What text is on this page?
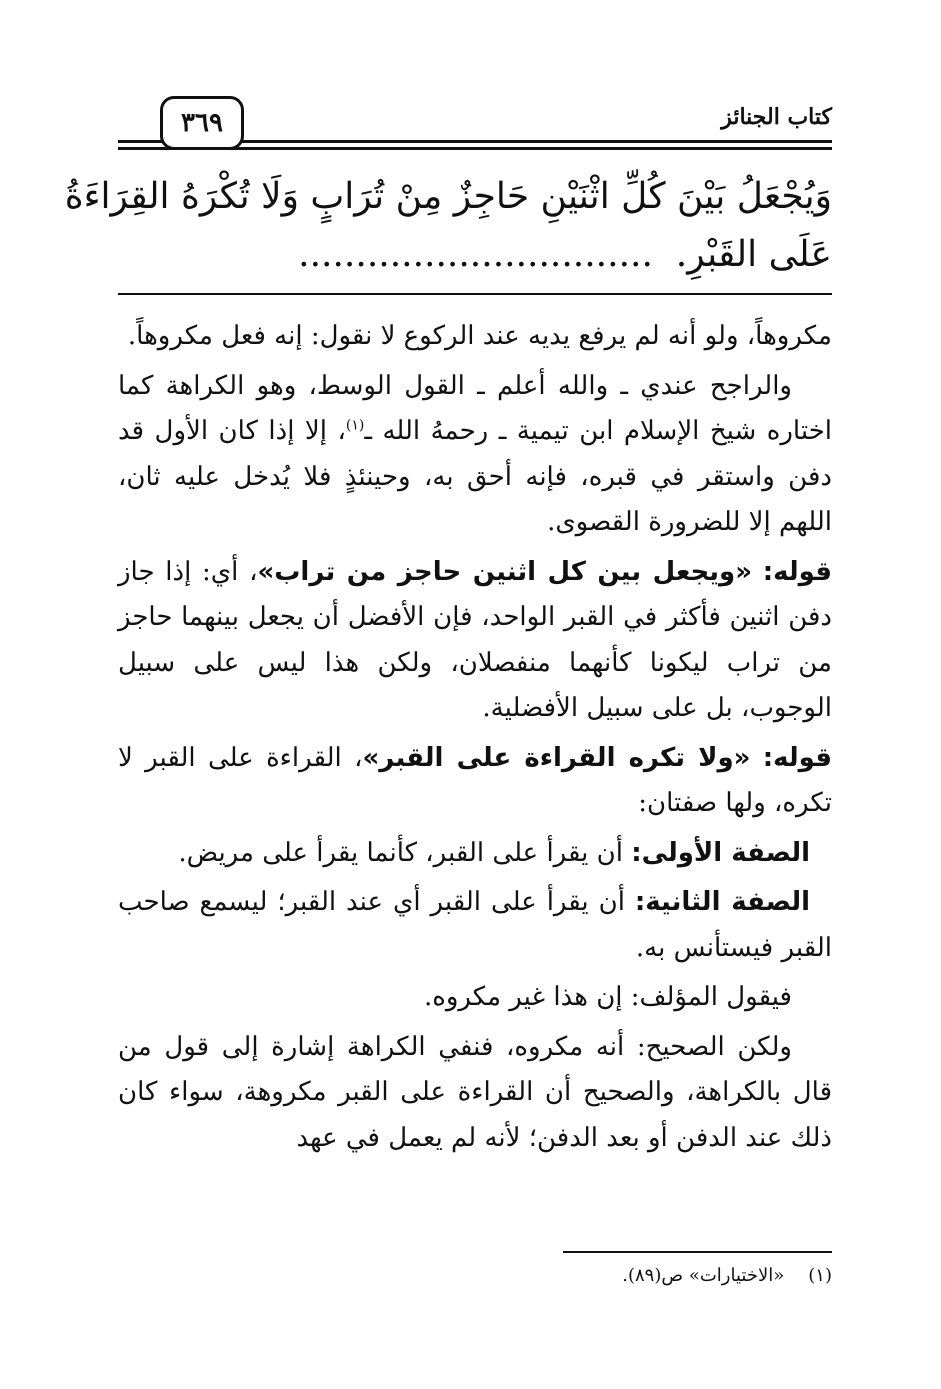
كتاب الجنائز
٣٦٩
وَيُجْعَلُ بَيْنَ كُلِّ اثْنَيْنِ حَاجِزٌ مِنْ تُرَابٍ وَلَا تُكْرَهُ القِرَاءَةُ
عَلَى القَبْرِ.  ...............................

مكروهاً، ولو أنه لم يرفع يديه عند الركوع لا نقول: إنه فعل مكروهاً.

والراجح عندي ـ والله أعلم ـ القول الوسط، وهو الكراهة كما اختاره شيخ الإسلام ابن تيمية ـ رحمهُ الله ـ$^{(١)}$، إلا إذا كان الأول قد دفن واستقر في قبره، فإنه أحق به، وحينئذٍ فلا يُدخل عليه ثان، اللهم إلا للضرورة القصوى.

قوله: «ويجعل بين كل اثنين حاجز من تراب»، أي: إذا جاز دفن اثنين فأكثر في القبر الواحد، فإن الأفضل أن يجعل بينهما حاجز من تراب ليكونا كأنهما منفصلان، ولكن هذا ليس على سبيل الوجوب، بل على سبيل الأفضلية.

قوله: «ولا تكره القراءة على القبر»، القراءة على القبر لا تكره، ولها صفتان:

الصفة الأولى: أن يقرأ على القبر، كأنما يقرأ على مريض.

الصفة الثانية: أن يقرأ على القبر أي عند القبر؛ ليسمع صاحب القبر فيستأنس به.

فيقول المؤلف: إن هذا غير مكروه.

ولكن الصحيح: أنه مكروه، فنفي الكراهة إشارة إلى قول من قال بالكراهة، والصحيح أن القراءة على القبر مكروهة، سواء كان ذلك عند الدفن أو بعد الدفن؛ لأنه لم يعمل في عهد

(١)«الاختيارات» ص(٨٩).
